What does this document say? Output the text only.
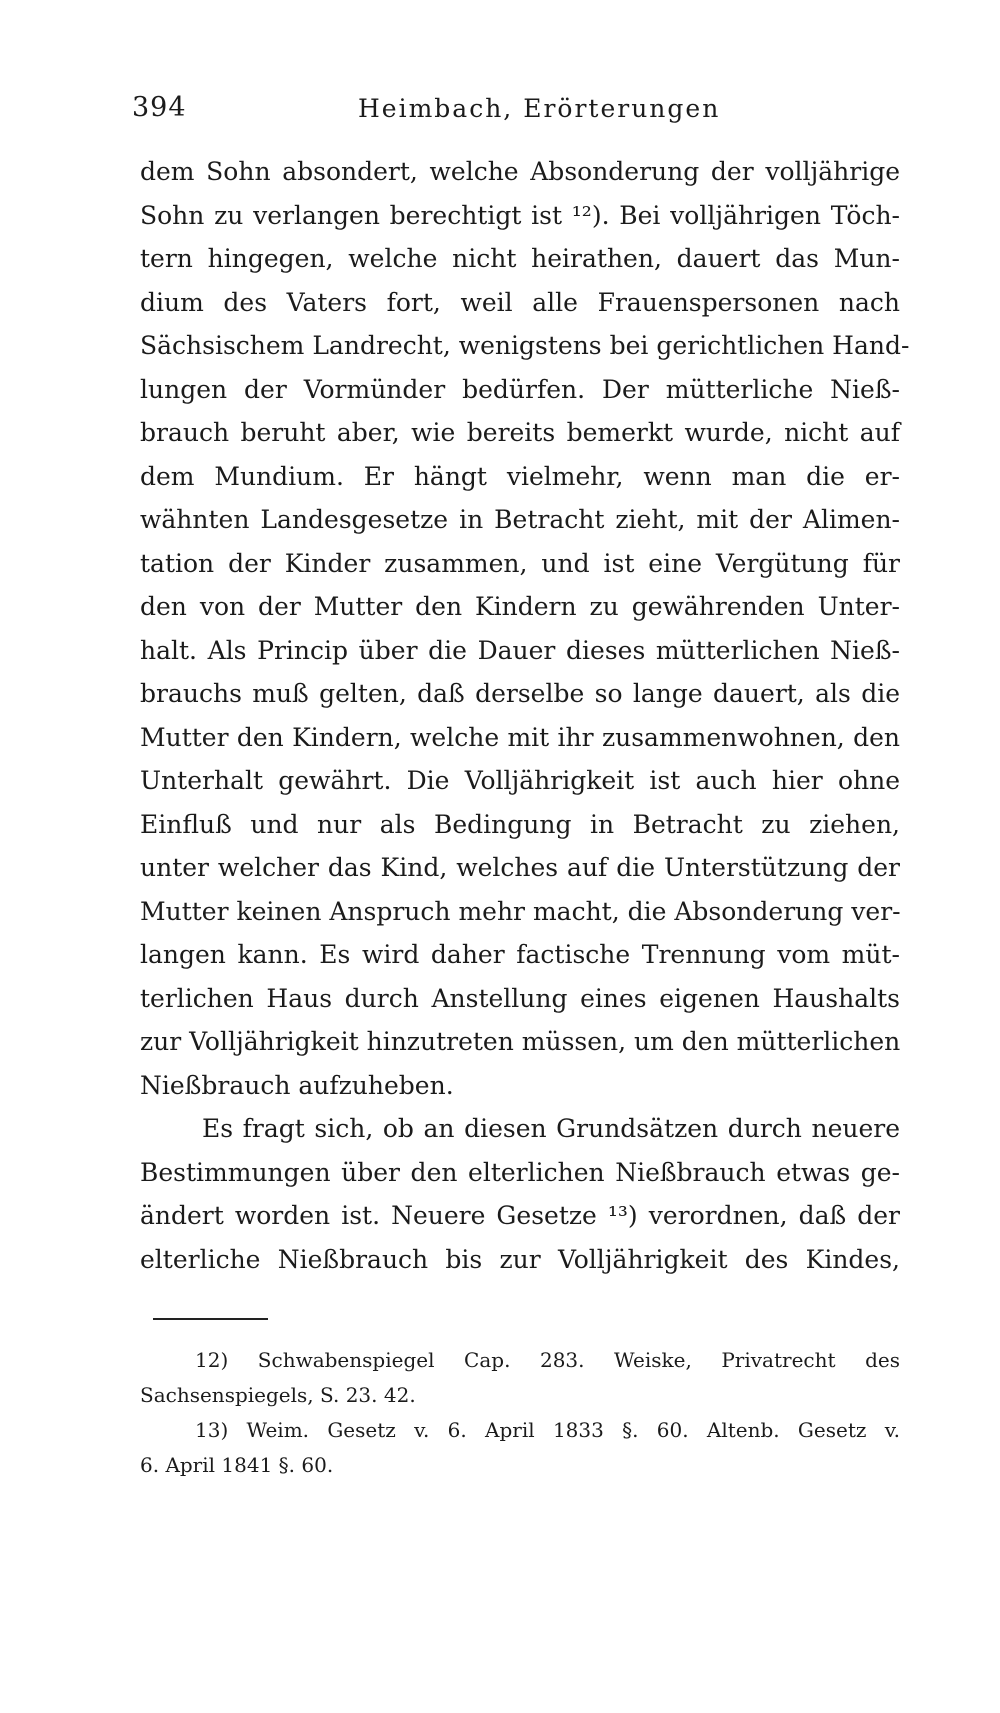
394	Heimbach, Erörterungen
dem Sohn absondert, welche Absonderung der volljährige
Sohn zu verlangen berechtigt ist ¹²). Bei volljährigen Töch-
tern hingegen, welche nicht heirathen, dauert das Mun-
dium des Vaters fort, weil alle Frauenspersonen nach
Sächsischem Landrecht, wenigstens bei gerichtlichen Hand-
lungen der Vormünder bedürfen. Der mütterliche Nieß-
brauch beruht aber, wie bereits bemerkt wurde, nicht auf
dem Mundium. Er hängt vielmehr, wenn man die er-
wähnten Landesgesetze in Betracht zieht, mit der Alimen-
tation der Kinder zusammen, und ist eine Vergütung für
den von der Mutter den Kindern zu gewährenden Unter-
halt. Als Princip über die Dauer dieses mütterlichen Nieß-
brauchs muß gelten, daß derselbe so lange dauert, als die
Mutter den Kindern, welche mit ihr zusammenwohnen, den
Unterhalt gewährt. Die Volljährigkeit ist auch hier ohne
Einfluß und nur als Bedingung in Betracht zu ziehen,
unter welcher das Kind, welches auf die Unterstützung der
Mutter keinen Anspruch mehr macht, die Absonderung ver-
langen kann. Es wird daher factische Trennung vom müt-
terlichen Haus durch Anstellung eines eigenen Haushalts
zur Volljährigkeit hinzutreten müssen, um den mütterlichen
Nießbrauch aufzuheben.
Es fragt sich, ob an diesen Grundsätzen durch neuere
Bestimmungen über den elterlichen Nießbrauch etwas ge-
ändert worden ist. Neuere Gesetze ¹³) verordnen, daß der
elterliche Nießbrauch bis zur Volljährigkeit des Kindes,
12) Schwabenspiegel Cap. 283. Weiske, Privatrecht des
Sachsenspiegels, S. 23. 42.
13) Weim. Gesetz v. 6. April 1833 §. 60. Altenb. Gesetz v.
6. April 1841 §. 60.
